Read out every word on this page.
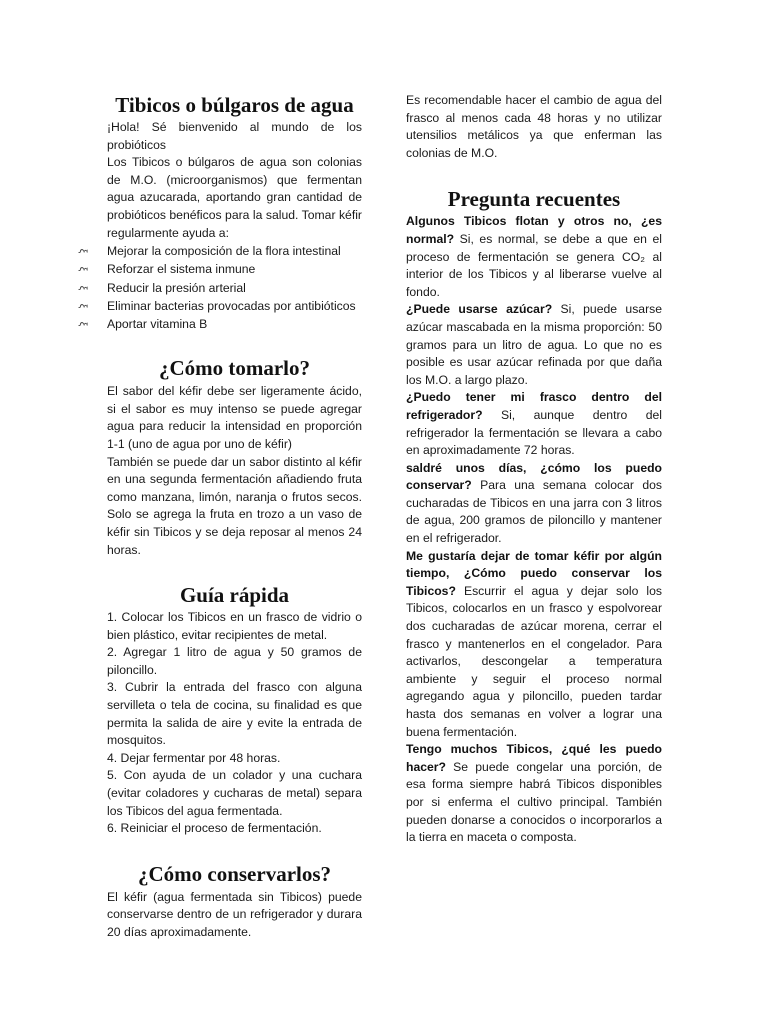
Tibicos o búlgaros de agua

¡Hola! Sé bienvenido al mundo de los probióticos

Los Tibicos o búlgaros de agua son colonias de M.O. (microorganismos) que fermentan agua azucarada, aportando gran cantidad de probióticos benéficos para la salud. Tomar kéfir regularmente ayuda a:

ξ Mejorar la composición de la flora intestinal
ξ Reforzar el sistema inmune
ξ Reducir la presión arterial
ξ Eliminar bacterias provocadas por antibióticos
ξ Aportar vitamina B
¿Cómo tomarlo?

El sabor del kéfir debe ser ligeramente ácido, si el sabor es muy intenso se puede agregar agua para reducir la intensidad en proporción 1-1 (uno de agua por uno de kéfir)

También se puede dar un sabor distinto al kéfir en una segunda fermentación añadiendo fruta como manzana, limón, naranja o frutos secos. Solo se agrega la fruta en trozo a un vaso de kéfir sin Tibicos y se deja reposar al menos 24 horas.

Guía rápida
1. Colocar los Tibicos en un frasco de vidrio o bien plástico, evitar recipientes de metal.
2. Agregar 1 litro de agua y 50 gramos de piloncillo.
3. Cubrir la entrada del frasco con alguna servilleta o tela de cocina, su finalidad es que permita la salida de aire y evite la entrada de mosquitos.
4. Dejar fermentar por 48 horas.
5. Con ayuda de un colador y una cuchara (evitar coladores y cucharas de metal) separa los Tibicos del agua fermentada.
6. Reiniciar el proceso de fermentación.
¿Cómo conservarlos?

El kéfir (agua fermentada sin Tibicos) puede conservarse dentro de un refrigerador y durara 20 días aproximadamente.

Es recomendable hacer el cambio de agua del frasco al menos cada 48 horas y no utilizar utensilios metálicos ya que enferman las colonias de M.O.

Pregunta recuentes

Algunos Tibicos flotan y otros no, ¿es normal? Si, es normal, se debe a que en el proceso de fermentación se genera CO₂ al interior de los Tibicos y al liberarse vuelve al fondo.

¿Puede usarse azúcar? Si, puede usarse azúcar mascabada en la misma proporción: 50 gramos para un litro de agua. Lo que no es posible es usar azúcar refinada por que daña los M.O. a largo plazo.

¿Puedo tener mi frasco dentro del refrigerador? Si, aunque dentro del refrigerador la fermentación se llevara a cabo en aproximadamente 72 horas.

saldré unos días, ¿cómo los puedo conservar? Para una semana colocar dos cucharadas de Tibicos en una jarra con 3 litros de agua, 200 gramos de piloncillo y mantener en el refrigerador.

Me gustaría dejar de tomar kéfir por algún tiempo, ¿Cómo puedo conservar los Tibicos? Escurrir el agua y dejar solo los Tibicos, colocarlos en un frasco y espolvorear dos cucharadas de azúcar morena, cerrar el frasco y mantenerlos en el congelador. Para activarlos, descongelar a temperatura ambiente y seguir el proceso normal agregando agua y piloncillo, pueden tardar hasta dos semanas en volver a lograr una buena fermentación.

Tengo muchos Tibicos, ¿qué les puedo hacer? Se puede congelar una porción, de esa forma siempre habrá Tibicos disponibles por si enferma el cultivo principal. También pueden donarse a conocidos o incorporarlos a la tierra en maceta o composta.
